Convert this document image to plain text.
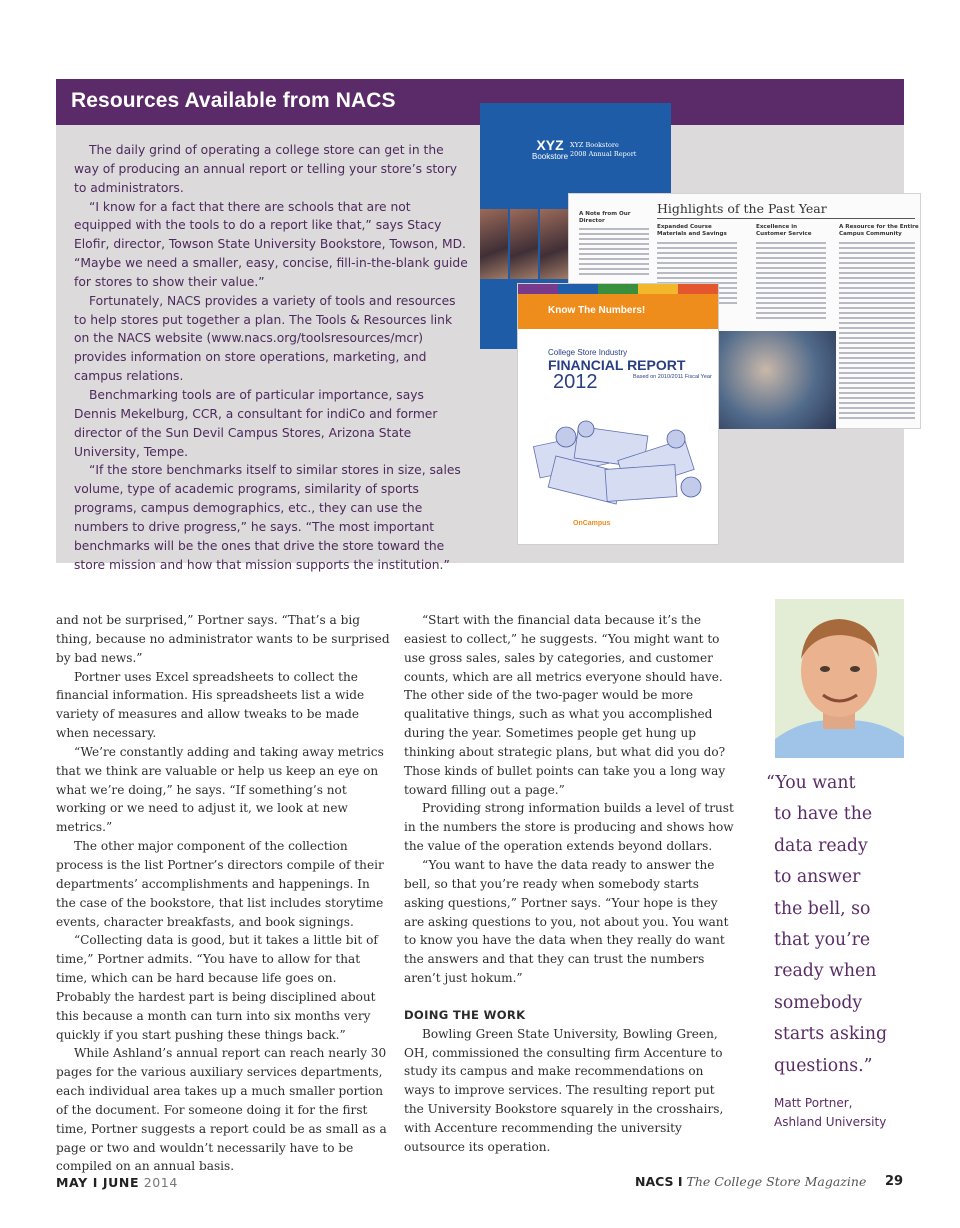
Resources Available from NACS

The daily grind of operating a college store can get in the way of producing an annual report or telling your store’s story to administrators.

“I know for a fact that there are schools that are not equipped with the tools to do a report like that,” says Stacy Elofir, director, Towson State University Bookstore, Towson, MD. “Maybe we need a smaller, easy, concise, fill-in-the-blank guide for stores to show their value.”

Fortunately, NACS provides a variety of tools and resources to help stores put together a plan. The Tools & Resources link on the NACS website (www.nacs.org/toolsresources/mcr) provides information on store operations, marketing, and campus relations.

Benchmarking tools are of particular importance, says Dennis Mekelburg, CCR, a consultant for indiCo and former director of the Sun Devil Campus Stores, Arizona State University, Tempe.

“If the store benchmarks itself to similar stores in size, sales volume, type of academic programs, similarity of sports programs, campus demographics, etc., they can use the numbers to drive progress,” he says. “The most important benchmarks will be the ones that drive the store toward the store mission and how that mission supports the institution.”

XYZ
Bookstore
XYZ Bookstore
2008 Annual Report
Highlights of the Past Year
A Note from Our Director
Expanded Course Materials and Savings
Excellence in Customer Service
A Resource for the Entire Campus Community
Know The Numbers!
College Store Industry
FINANCIAL REPORT
2012	Based on 2010/2011 Fiscal Year
OnCampus

and not be surprised,” Portner says. “That’s a big thing, because no administrator wants to be surprised by bad news.”

Portner uses Excel spreadsheets to collect the financial information. His spreadsheets list a wide variety of measures and allow tweaks to be made when necessary.

“We’re constantly adding and taking away metrics that we think are valuable or help us keep an eye on what we’re doing,” he says. “If something’s not working or we need to adjust it, we look at new metrics.”

The other major component of the collection process is the list Portner’s directors compile of their departments’ accomplishments and happenings. In the case of the bookstore, that list includes storytime events, character breakfasts, and book signings.

“Collecting data is good, but it takes a little bit of time,” Portner admits. “You have to allow for that time, which can be hard because life goes on. Probably the hardest part is being disciplined about this because a month can turn into six months very quickly if you start pushing these things back.”

While Ashland’s annual report can reach nearly 30 pages for the various auxiliary services departments, each individual area takes up a much smaller portion of the document. For someone doing it for the first time, Portner suggests a report could be as small as a page or two and wouldn’t necessarily have to be compiled on an annual basis.

“Start with the financial data because it’s the easiest to collect,” he suggests. “You might want to use gross sales, sales by categories, and customer counts, which are all metrics everyone should have. The other side of the two-pager would be more qualitative things, such as what you accomplished during the year. Sometimes people get hung up thinking about strategic plans, but what did you do? Those kinds of bullet points can take you a long way toward filling out a page.”

Providing strong information builds a level of trust in the numbers the store is producing and shows how the value of the operation extends beyond dollars.

“You want to have the data ready to answer the bell, so that you’re ready when somebody starts asking questions,” Portner says. “Your hope is they are asking questions to you, not about you. You want to know you have the data when they really do want the answers and that they can trust the numbers aren’t just hokum.”

DOING THE WORK

Bowling Green State University, Bowling Green, OH, commissioned the consulting firm Accenture to study its campus and make recommendations on ways to improve services. The resulting report put the University Bookstore squarely in the crosshairs, with Accenture recommending the university outsource its operation.

“You want
to have the
data ready
to answer
the bell, so
that you’re
ready when
somebody
starts asking
questions.”
Matt Portner,
Ashland University
MAY I JUNE 2014	NACS I The College Store Magazine 29
